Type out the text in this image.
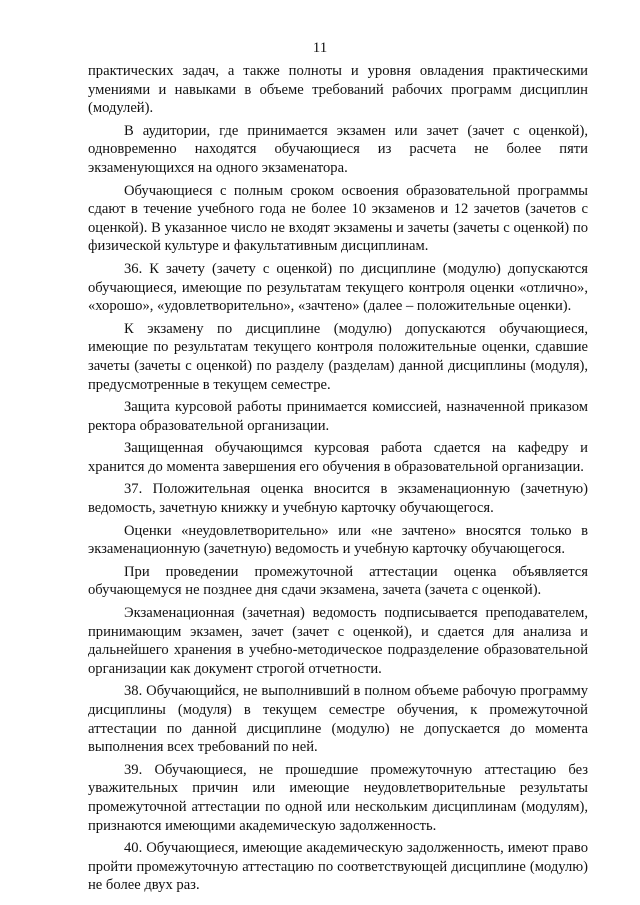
11

практических задач, а также полноты и уровня овладения практическими умениями и навыками в объеме требований рабочих программ дисциплин (модулей).

В аудитории, где принимается экзамен или зачет (зачет с оценкой), одновременно находятся обучающиеся из расчета не более пяти экзаменующихся на одного экзаменатора.

Обучающиеся с полным сроком освоения образовательной программы сдают в течение учебного года не более 10 экзаменов и 12 зачетов (зачетов с оценкой). В указанное число не входят экзамены и зачеты (зачеты с оценкой) по физической культуре и факультативным дисциплинам.

36. К зачету (зачету с оценкой) по дисциплине (модулю) допускаются обучающиеся, имеющие по результатам текущего контроля оценки «отлично», «хорошо», «удовлетворительно», «зачтено» (далее – положительные оценки).

К экзамену по дисциплине (модулю) допускаются обучающиеся, имеющие по результатам текущего контроля положительные оценки, сдавшие зачеты (зачеты с оценкой) по разделу (разделам) данной дисциплины (модуля), предусмотренные в текущем семестре.

Защита курсовой работы принимается комиссией, назначенной приказом ректора образовательной организации.

Защищенная обучающимся курсовая работа сдается на кафедру и хранится до момента завершения его обучения в образовательной организации.

37. Положительная оценка вносится в экзаменационную (зачетную) ведомость, зачетную книжку и учебную карточку обучающегося.

Оценки «неудовлетворительно» или «не зачтено» вносятся только в экзаменационную (зачетную) ведомость и учебную карточку обучающегося.

При проведении промежуточной аттестации оценка объявляется обучающемуся не позднее дня сдачи экзамена, зачета (зачета с оценкой).

Экзаменационная (зачетная) ведомость подписывается преподавателем, принимающим экзамен, зачет (зачет с оценкой), и сдается для анализа и дальнейшего хранения в учебно-методическое подразделение образовательной организации как документ строгой отчетности.

38. Обучающийся, не выполнивший в полном объеме рабочую программу дисциплины (модуля) в текущем семестре обучения, к промежуточной аттестации по данной дисциплине (модулю) не допускается до момента выполнения всех требований по ней.

39. Обучающиеся, не прошедшие промежуточную аттестацию без уважительных причин или имеющие неудовлетворительные результаты промежуточной аттестации по одной или нескольким дисциплинам (модулям), признаются имеющими академическую задолженность.

40. Обучающиеся, имеющие академическую задолженность, имеют право пройти промежуточную аттестацию по соответствующей дисциплине (модулю) не более двух раз.
